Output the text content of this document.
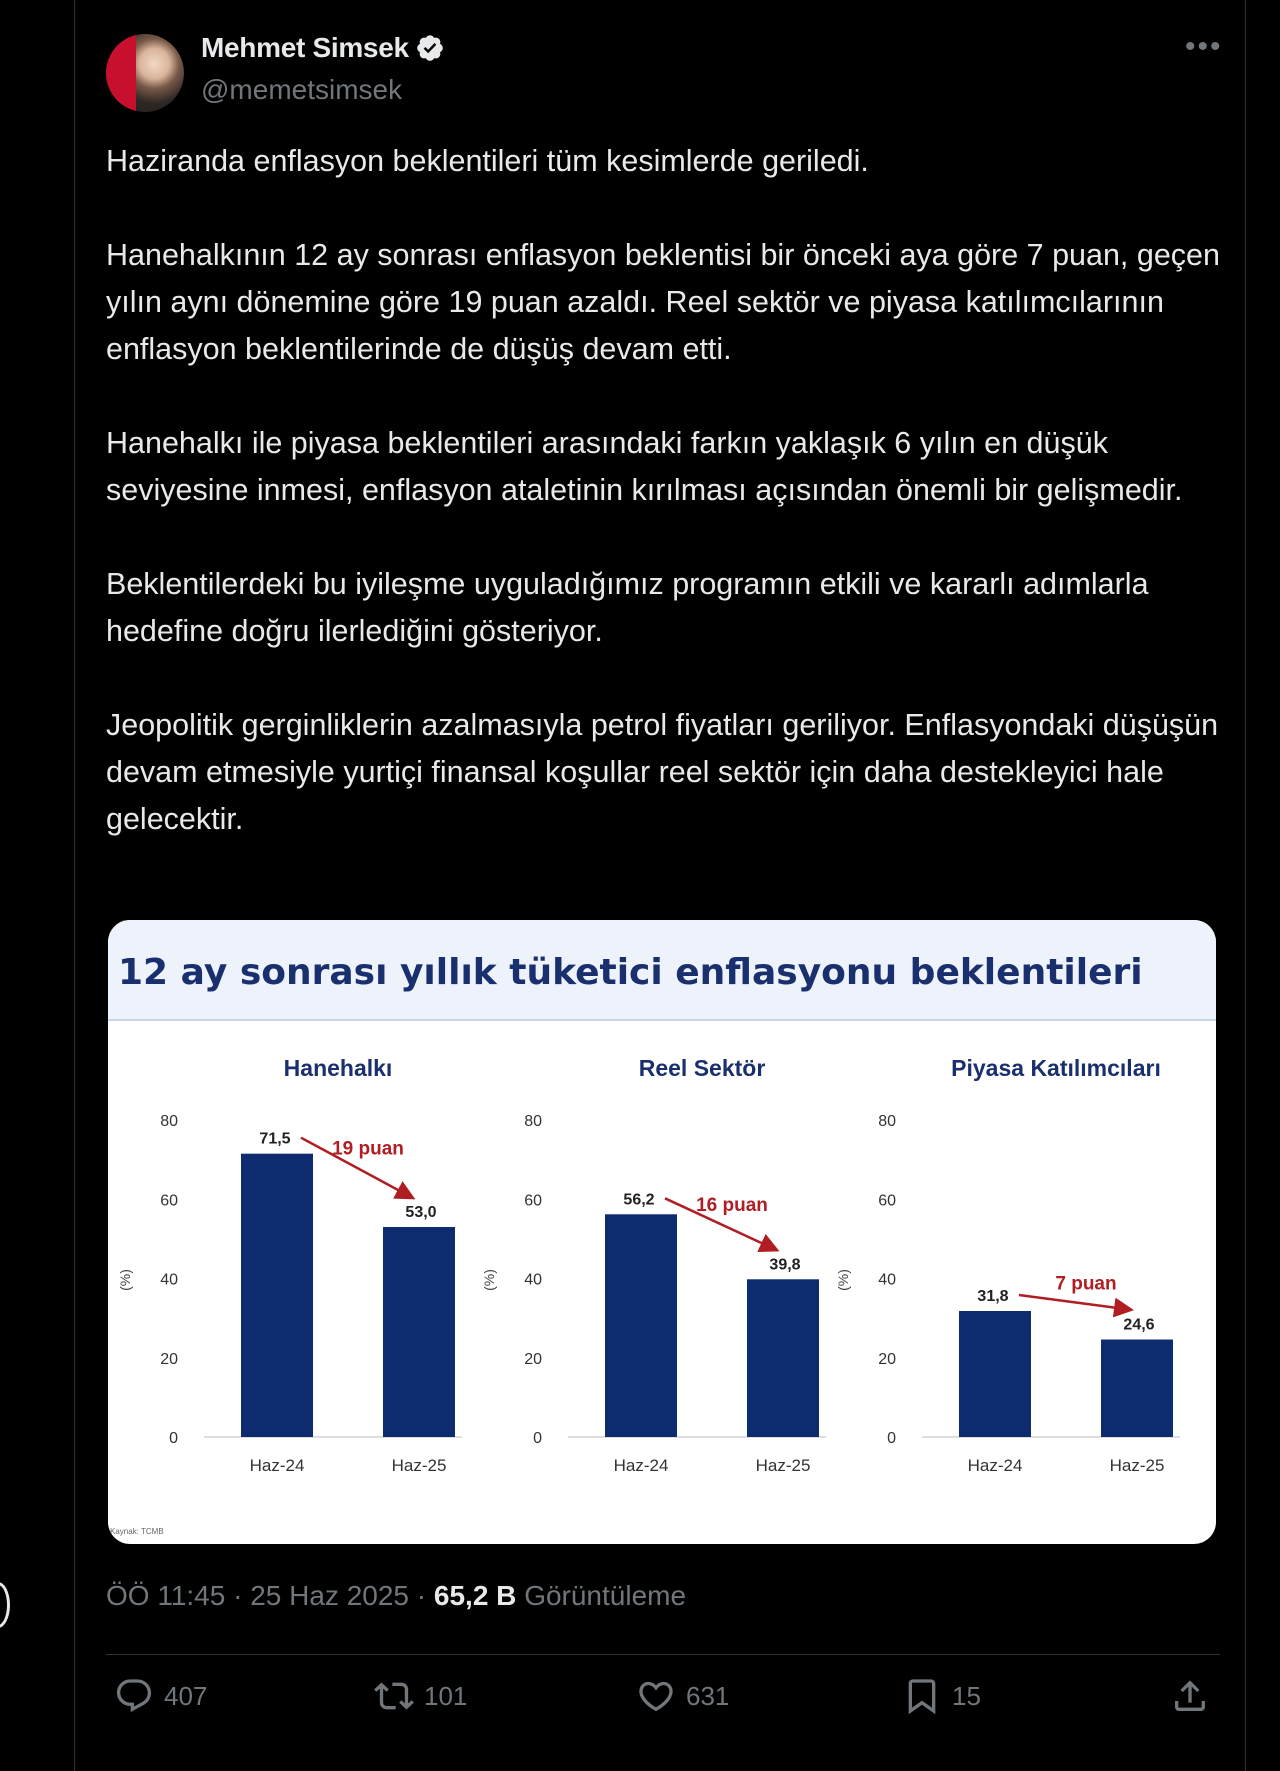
Mehmet Simsek
@memetsimsek
•••

Haziranda enflasyon beklentileri tüm kesimlerde geriledi.

Hanehalkının 12 ay sonrası enflasyon beklentisi bir önceki aya göre 7 puan, geçen yılın aynı dönemine göre 19 puan azaldı. Reel sektör ve piyasa katılımcılarının enflasyon beklentilerinde de düşüş devam etti.

Hanehalkı ile piyasa beklentileri arasındaki farkın yaklaşık 6 yılın en düşük seviyesine inmesi, enflasyon ataletinin kırılması açısından önemli bir gelişmedir.

Beklentilerdeki bu iyileşme uyguladığımız programın etkili ve kararlı adımlarla hedefine doğru ilerlediğini gösteriyor.

Jeopolitik gerginliklerin azalmasıyla petrol fiyatları geriliyor. Enflasyondaki düşüşün devam etmesiyle yurtiçi finansal koşullar reel sektör için daha destekleyici hale gelecektir.

12 ay sonrası yıllık tüketici enflasyonu beklentileri
Kaynak: TCMB
Hanehalkı
0
20
40
60
80
(%)
Haz-24	Haz-25
71,5
53,0
19 puan
Reel Sektör
0
20
40
60
80
(%)
Haz-24	Haz-25
56,2
39,8
16 puan
Piyasa Katılımcıları
0
20
40
60
80
(%)
Haz-24	Haz-25
31,8
24,6
7 puan
ÖÖ 11:45 · 25 Haz 2025 · 65,2 B Görüntüleme
407	101	631	15
